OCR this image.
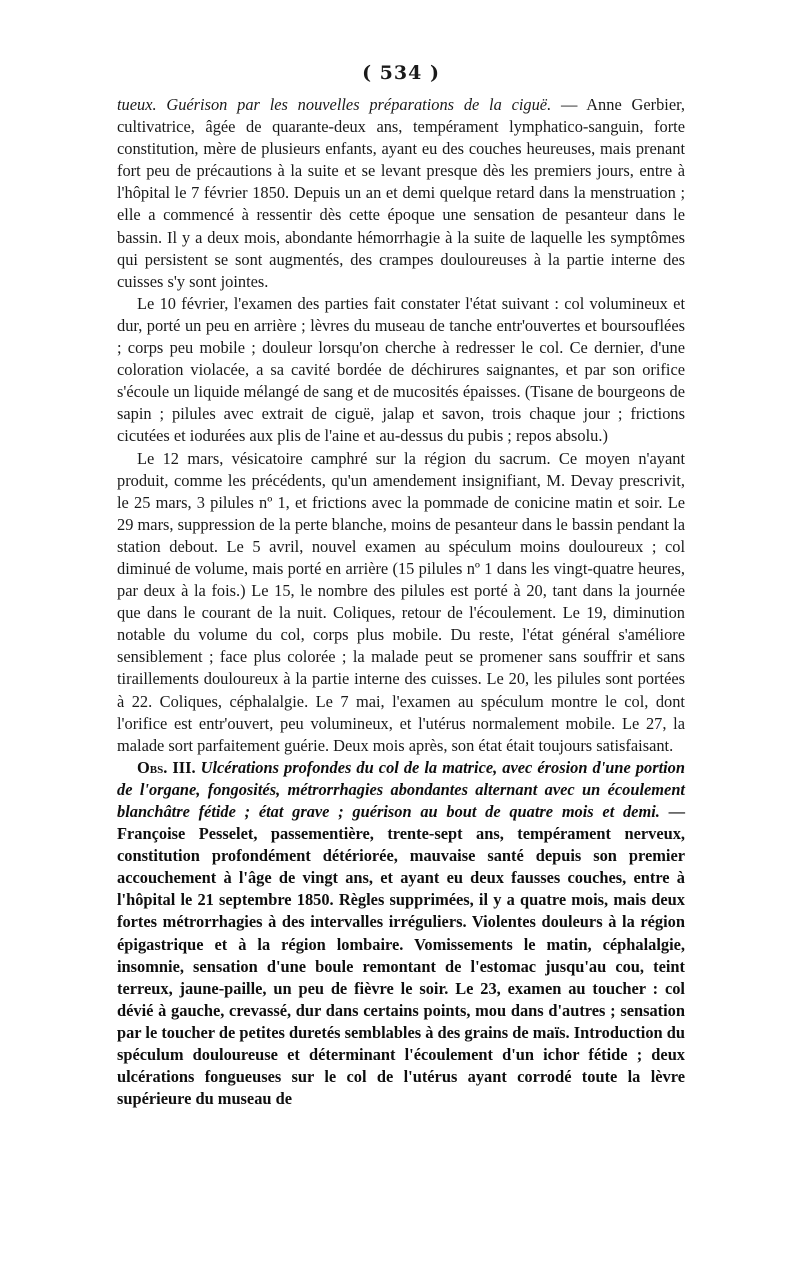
( 534 )

tueux. Guérison par les nouvelles préparations de la ciguë. — Anne Gerbier, cultivatrice, âgée de quarante-deux ans, tempérament lymphatico-sanguin, forte constitution, mère de plusieurs enfants, ayant eu des couches heureuses, mais prenant fort peu de précautions à la suite et se levant presque dès les premiers jours, entre à l'hôpital le 7 février 1850. Depuis un an et demi quelque retard dans la menstruation ; elle a commencé à ressentir dès cette époque une sensation de pesanteur dans le bassin. Il y a deux mois, abondante hémorrhagie à la suite de laquelle les symptômes qui persistent se sont augmentés, des crampes douloureuses à la partie interne des cuisses s'y sont jointes.

Le 10 février, l'examen des parties fait constater l'état suivant : col volumineux et dur, porté un peu en arrière ; lèvres du museau de tanche entr'ouvertes et boursouflées ; corps peu mobile ; douleur lorsqu'on cherche à redresser le col. Ce dernier, d'une coloration violacée, a sa cavité bordée de déchirures saignantes, et par son orifice s'écoule un liquide mélangé de sang et de mucosités épaisses. (Tisane de bourgeons de sapin ; pilules avec extrait de ciguë, jalap et savon, trois chaque jour ; frictions cicutées et iodurées aux plis de l'aine et au-dessus du pubis ; repos absolu.)

Le 12 mars, vésicatoire camphré sur la région du sacrum. Ce moyen n'ayant produit, comme les précédents, qu'un amendement insignifiant, M. Devay prescrivit, le 25 mars, 3 pilules nº 1, et frictions avec la pommade de conicine matin et soir. Le 29 mars, suppression de la perte blanche, moins de pesanteur dans le bassin pendant la station debout. Le 5 avril, nouvel examen au spéculum moins douloureux ; col diminué de volume, mais porté en arrière (15 pilules nº 1 dans les vingt-quatre heures, par deux à la fois.) Le 15, le nombre des pilules est porté à 20, tant dans la journée que dans le courant de la nuit. Coliques, retour de l'écoulement. Le 19, diminution notable du volume du col, corps plus mobile. Du reste, l'état général s'améliore sensiblement ; face plus colorée ; la malade peut se promener sans souffrir et sans tiraillements douloureux à la partie interne des cuisses. Le 20, les pilules sont portées à 22. Coliques, céphalalgie. Le 7 mai, l'examen au spéculum montre le col, dont l'orifice est entr'ouvert, peu volumineux, et l'utérus normalement mobile. Le 27, la malade sort parfaitement guérie. Deux mois après, son état était toujours satisfaisant.

Obs. III. Ulcérations profondes du col de la matrice, avec érosion d'une portion de l'organe, fongosités, métrorrhagies abondantes alternant avec un écoulement blanchâtre fétide ; état grave ; guérison au bout de quatre mois et demi. — Françoise Pesselet, passementière, trente-sept ans, tempérament nerveux, constitution profondément détériorée, mauvaise santé depuis son premier accouchement à l'âge de vingt ans, et ayant eu deux fausses couches, entre à l'hôpital le 21 septembre 1850. Règles supprimées, il y a quatre mois, mais deux fortes métrorrhagies à des intervalles irréguliers. Violentes douleurs à la région épigastrique et à la région lombaire. Vomissements le matin, céphalalgie, insomnie, sensation d'une boule remontant de l'estomac jusqu'au cou, teint terreux, jaune-paille, un peu de fièvre le soir. Le 23, examen au toucher : col dévié à gauche, crevassé, dur dans certains points, mou dans d'autres ; sensation par le toucher de petites duretés semblables à des grains de maïs. Introduction du spéculum douloureuse et déterminant l'écoulement d'un ichor fétide ; deux ulcérations fongueuses sur le col de l'utérus ayant corrodé toute la lèvre supérieure du museau de
